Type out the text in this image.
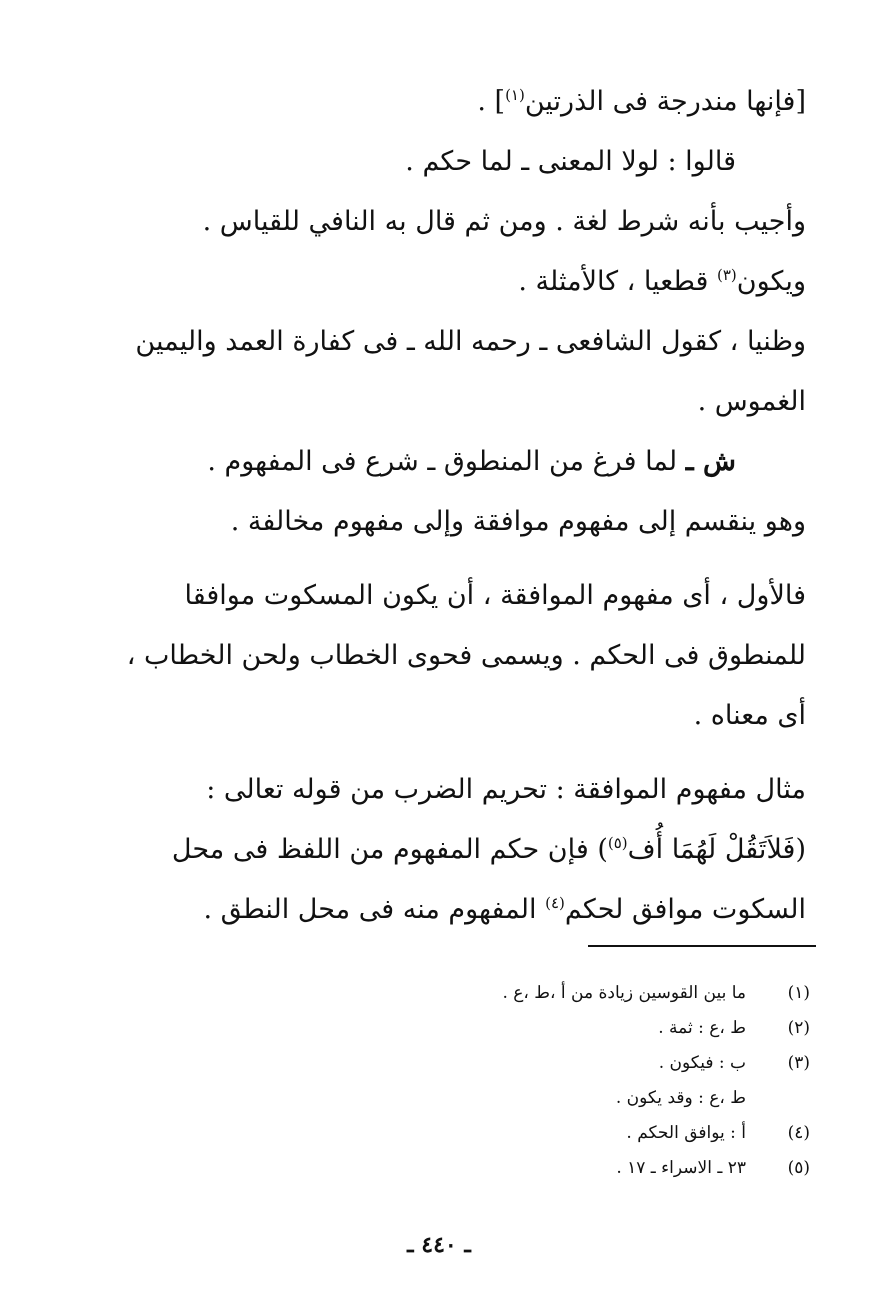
[فإنها مندرجة فى الذرتين$^{(١)}$] .

قالوا : لولا المعنى ـ لما حكم .

وأجيب بأنه شرط لغة . ومن ثم قال به النافي للقياس .

ويكون$^{(٣)}$ قطعيا ، كالأمثلة .

وظنيا ، كقول الشافعى ـ رحمه الله ـ فى كفارة العمد واليمين الغموس .

ش ـ لما فرغ من المنطوق ـ شرع فى المفهوم .

وهو ينقسم إلى مفهوم موافقة وإلى مفهوم مخالفة .

فالأول ، أى مفهوم الموافقة ، أن يكون المسكوت موافقا للمنطوق فى الحكم . ويسمى فحوى الخطاب ولحن الخطاب ، أى معناه .

مثال مفهوم الموافقة : تحريم الضرب من قوله تعالى : (فَلاَتَقُلْ لَهُمَا أُف$^{(٥)}$) فإن حكم المفهوم من اللفظ فى محل السكوت موافق لحكم$^{(٤)}$ المفهوم منه فى محل النطق .

(١)
ما بين القوسين زيادة من أ ،ط ،ع .
(٢)
ط ،ع : ثمة .
(٣)
ب : فيكون .
ط ،ع : وقد يكون .
(٤)
أ : يوافق الحكم .
(٥)
٢٣ ـ الاسراء ـ ١٧ .
ـ ٤٤٠ ـ
